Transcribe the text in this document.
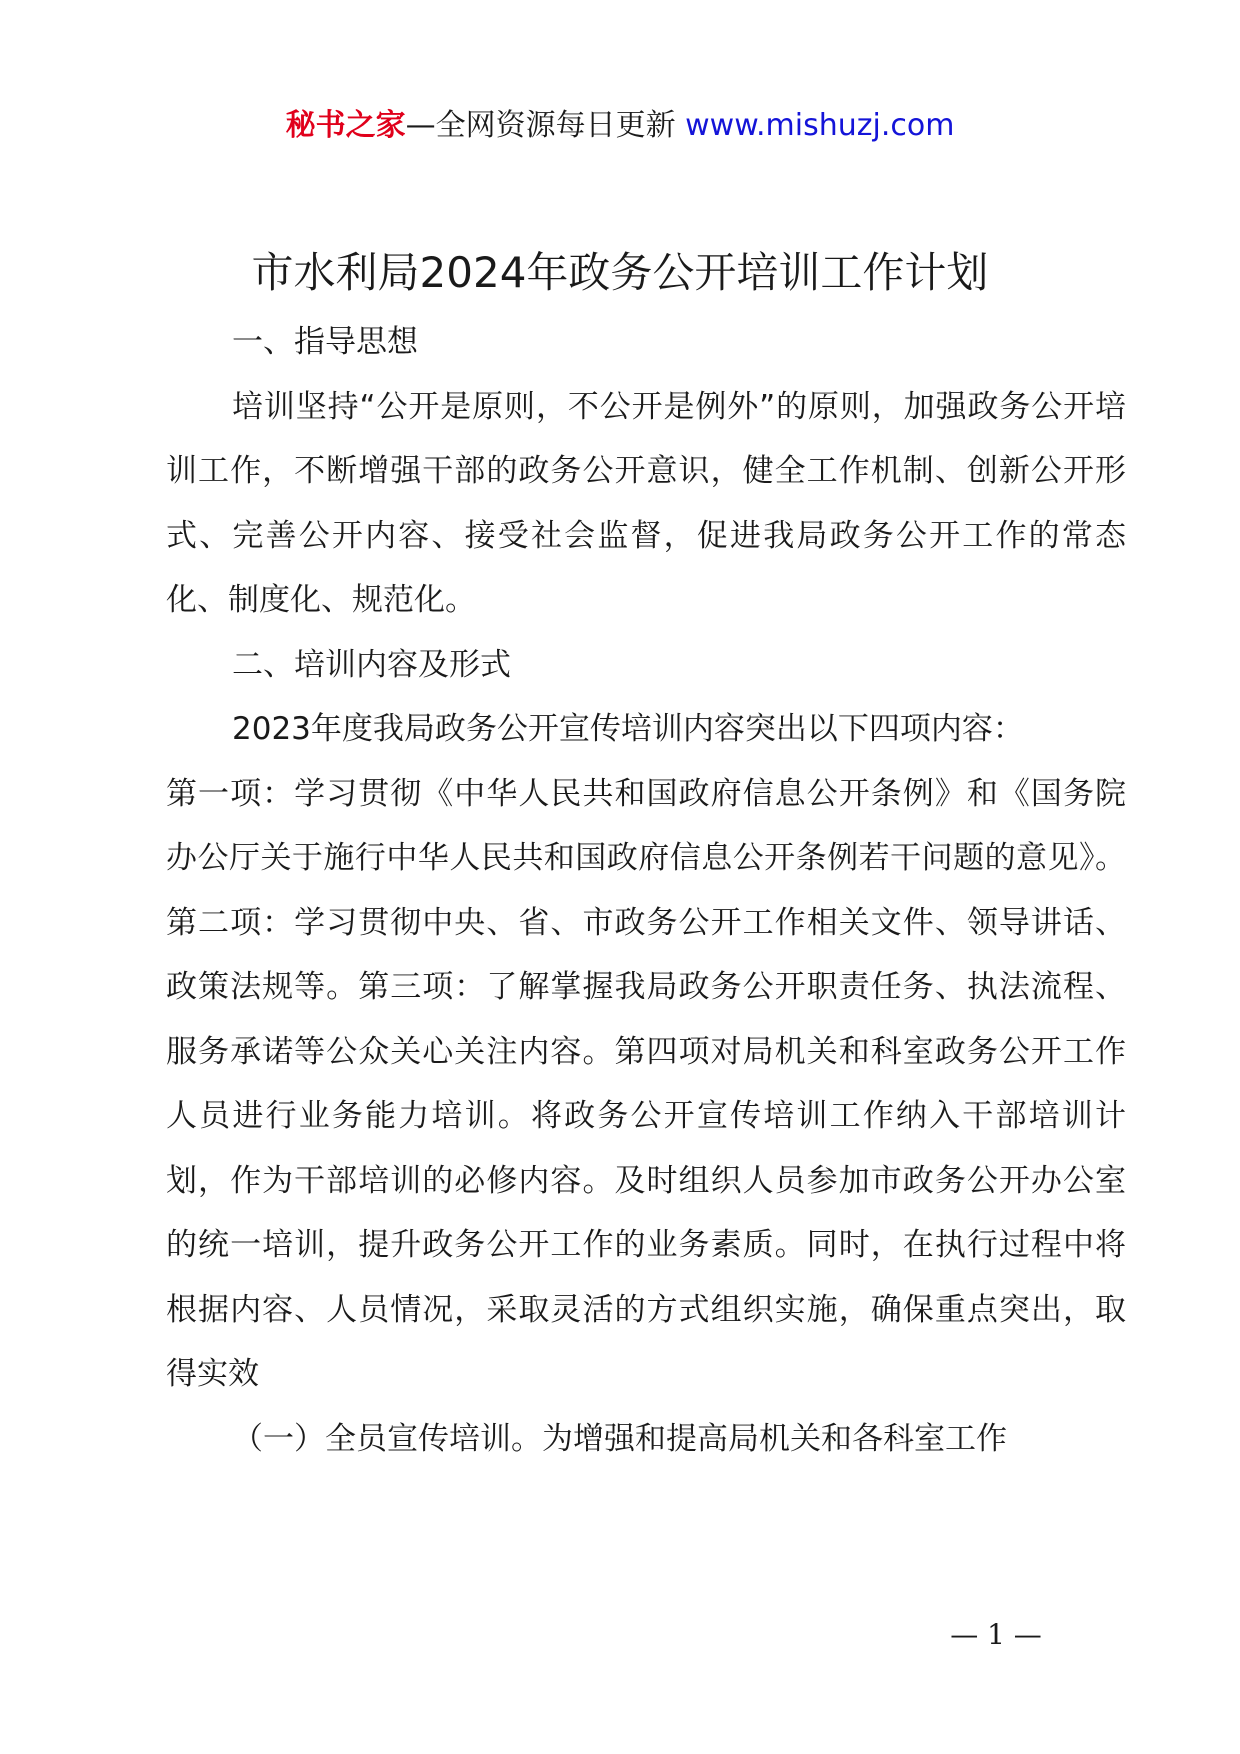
秘书之家—全网资源每日更新 www.mishuzj.com
市水利局2024年政务公开培训工作计划

一、指导思想

培训坚持“公开是原则，不公开是例外”的原则，加强政务公开培训工作，不断增强干部的政务公开意识，健全工作机制、创新公开形式、完善公开内容、接受社会监督，促进我局政务公开工作的常态化、制度化、规范化。

二、培训内容及形式

2023年度我局政务公开宣传培训内容突出以下四项内容：

第一项：学习贯彻《中华人民共和国政府信息公开条例》和《国务院办公厅关于施行中华人民共和国政府信息公开条例若干问题的意见》。第二项：学习贯彻中央、省、市政务公开工作相关文件、领导讲话、政策法规等。第三项：了解掌握我局政务公开职责任务、执法流程、服务承诺等公众关心关注内容。第四项对局机关和科室政务公开工作人员进行业务能力培训。将政务公开宣传培训工作纳入干部培训计划，作为干部培训的必修内容。及时组织人员参加市政务公开办公室的统一培训，提升政务公开工作的业务素质。同时，在执行过程中将根据内容、人员情况，采取灵活的方式组织实施，确保重点突出，取得实效

（一）全员宣传培训。为增强和提高局机关和各科室工作

— 1 —
